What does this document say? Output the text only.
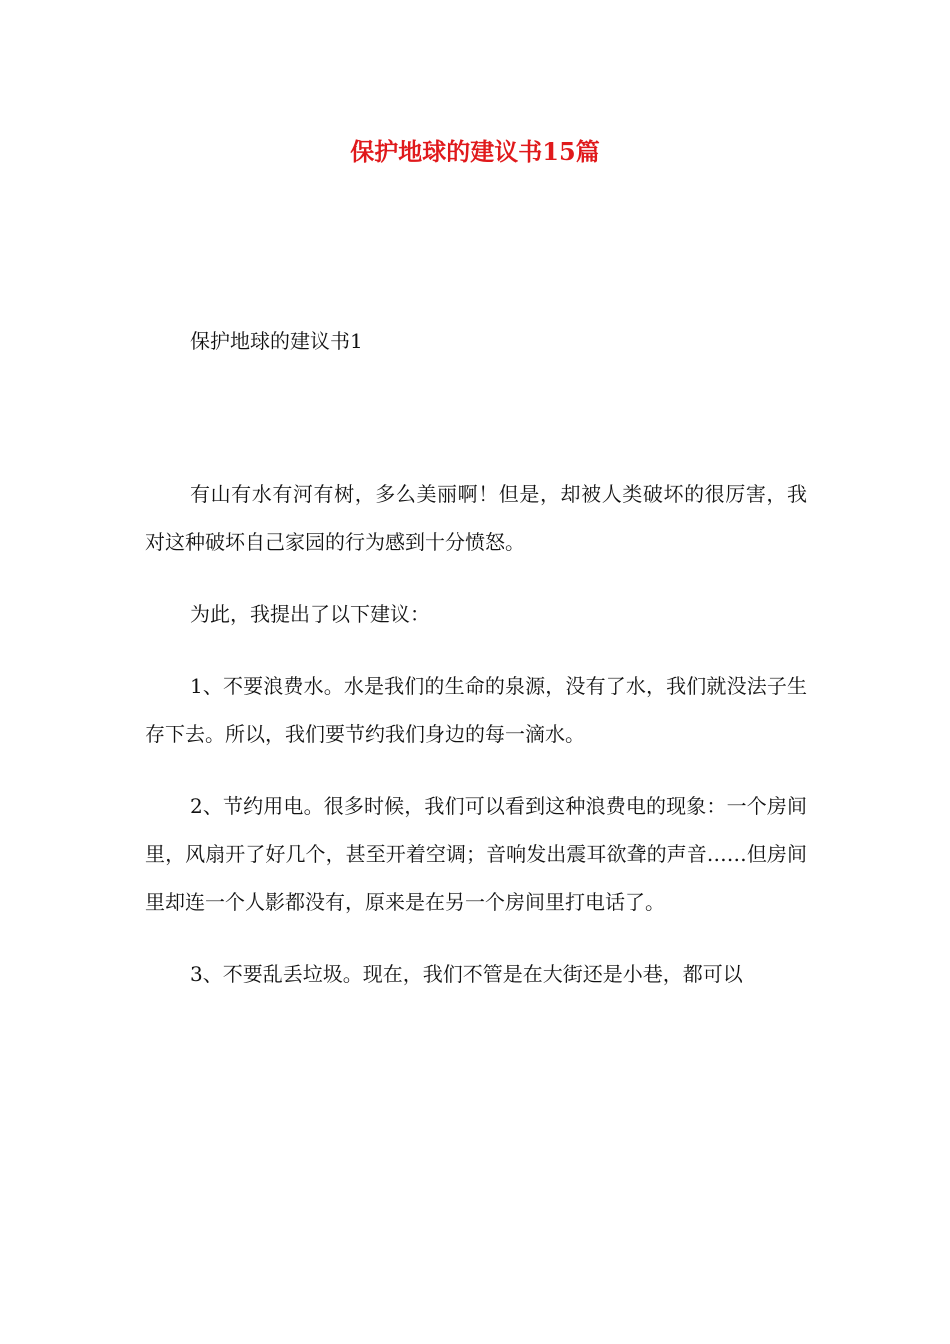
保护地球的建议书15篇
保护地球的建议书1

有山有水有河有树，多么美丽啊！但是，却被人类破坏的很厉害，我对这种破坏自己家园的行为感到十分愤怒。

为此，我提出了以下建议：

1、不要浪费水。水是我们的生命的泉源，没有了水，我们就没法子生存下去。所以，我们要节约我们身边的每一滴水。

2、节约用电。很多时候，我们可以看到这种浪费电的现象：一个房间里，风扇开了好几个，甚至开着空调；音响发出震耳欲聋的声音……但房间里却连一个人影都没有，原来是在另一个房间里打电话了。

3、不要乱丢垃圾。现在，我们不管是在大街还是小巷，都可以
